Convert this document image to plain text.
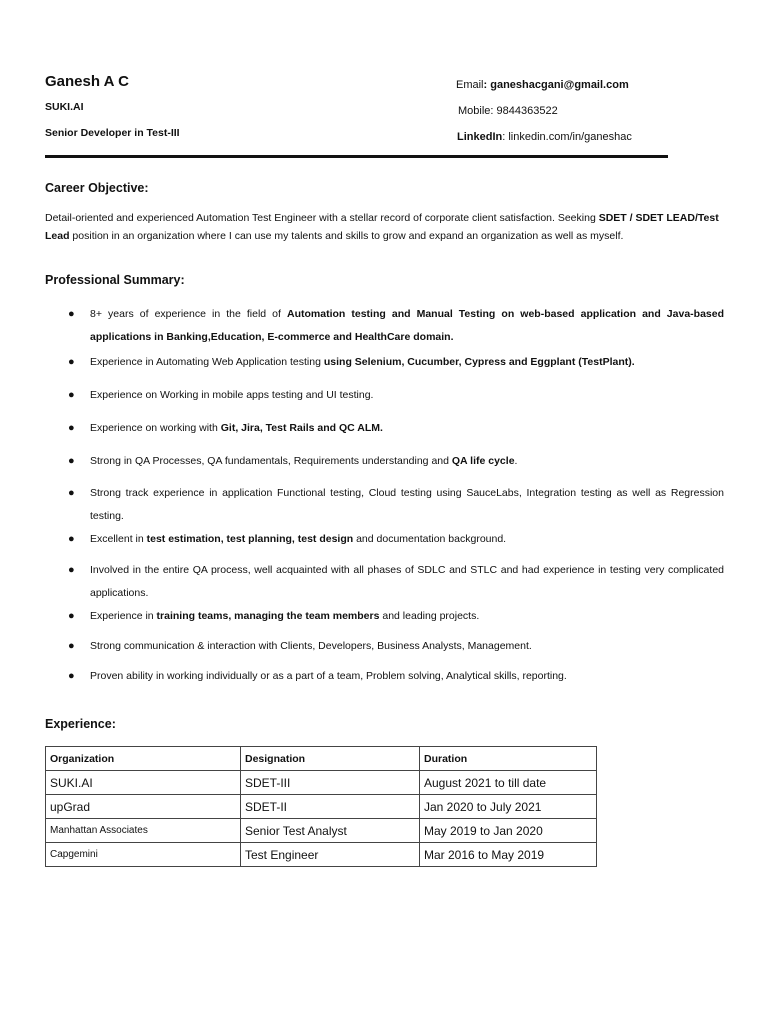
Ganesh A C
SUKI.AI
Senior Developer in Test-III
Email: ganeshacgani@gmail.com
Mobile: 9844363522
LinkedIn: linkedin.com/in/ganeshac
Career Objective:
Detail-oriented and experienced Automation Test Engineer with a stellar record of corporate client satisfaction. Seeking SDET / SDET LEAD/Test Lead position in an organization where I can use my talents and skills to grow and expand an organization as well as myself.
Professional Summary:
● 8+ years of experience in the field of Automation testing and Manual Testing on web-based application and Java-based applications in Banking,Education, E-commerce and HealthCare domain.
● Experience in Automating Web Application testing using Selenium, Cucumber, Cypress and Eggplant (TestPlant).
● Experience on Working in mobile apps testing and UI testing.
● Experience on working with Git, Jira, Test Rails and QC ALM.
● Strong in QA Processes, QA fundamentals, Requirements understanding and QA life cycle.
● Strong track experience in application Functional testing, Cloud testing using SauceLabs, Integration testing as well as Regression testing.
● Excellent in test estimation, test planning, test design and documentation background.
● Involved in the entire QA process, well acquainted with all phases of SDLC and STLC and had experience in testing very complicated applications.
● Experience in training teams, managing the team members and leading projects.
● Strong communication & interaction with Clients, Developers, Business Analysts, Management.
● Proven ability in working individually or as a part of a team, Problem solving, Analytical skills, reporting.
Experience:
Organization	Designation	Duration
SUKI.AI	SDET-III	August 2021 to till date
upGrad	SDET-II	Jan 2020 to July 2021
Manhattan Associates	Senior Test Analyst	May 2019 to Jan 2020
Capgemini	Test Engineer	Mar 2016 to May 2019
